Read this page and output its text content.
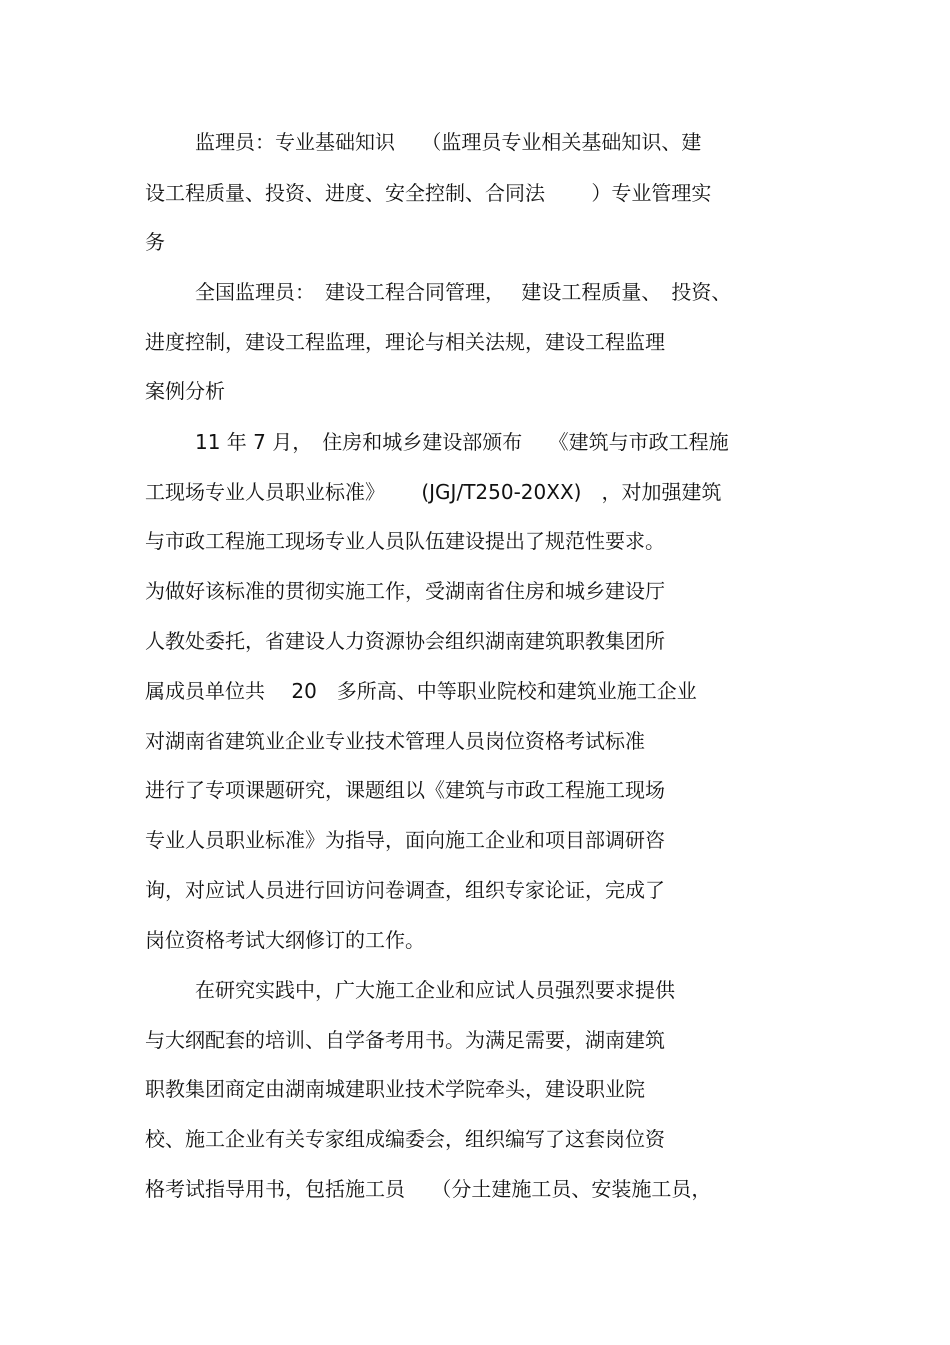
监理员：专业基础知识　 （监理员专业相关基础知识、建
设工程质量、投资、进度、安全控制、合同法　　 ）专业管理实
务
全国监理员：　建设工程合同管理，　 建设工程质量、　投资、
进度控制，建设工程监理，理论与相关法规，建设工程监理
案例分析
11 年 7 月，　住房和城乡建设部颁布　 《建筑与市政工程施
工现场专业人员职业标准》　　 (JGJ/T250-20XX)　，对加强建筑
与市政工程施工现场专业人员队伍建设提出了规范性要求。
为做好该标准的贯彻实施工作，受湖南省住房和城乡建设厅
人教处委托，省建设人力资源协会组织湖南建筑职教集团所
属成员单位共　 20　多所高、中等职业院校和建筑业施工企业
对湖南省建筑业企业专业技术管理人员岗位资格考试标准
进行了专项课题研究，课题组以《建筑与市政工程施工现场
专业人员职业标准》为指导，面向施工企业和项目部调研咨
询，对应试人员进行回访问卷调查，组织专家论证，完成了
岗位资格考试大纲修订的工作。
在研究实践中，广大施工企业和应试人员强烈要求提供
与大纲配套的培训、自学备考用书。为满足需要，湖南建筑
职教集团商定由湖南城建职业技术学院牵头，建设职业院
校、施工企业有关专家组成编委会，组织编写了这套岗位资
格考试指导用书，包括施工员　 （分土建施工员、安装施工员，
